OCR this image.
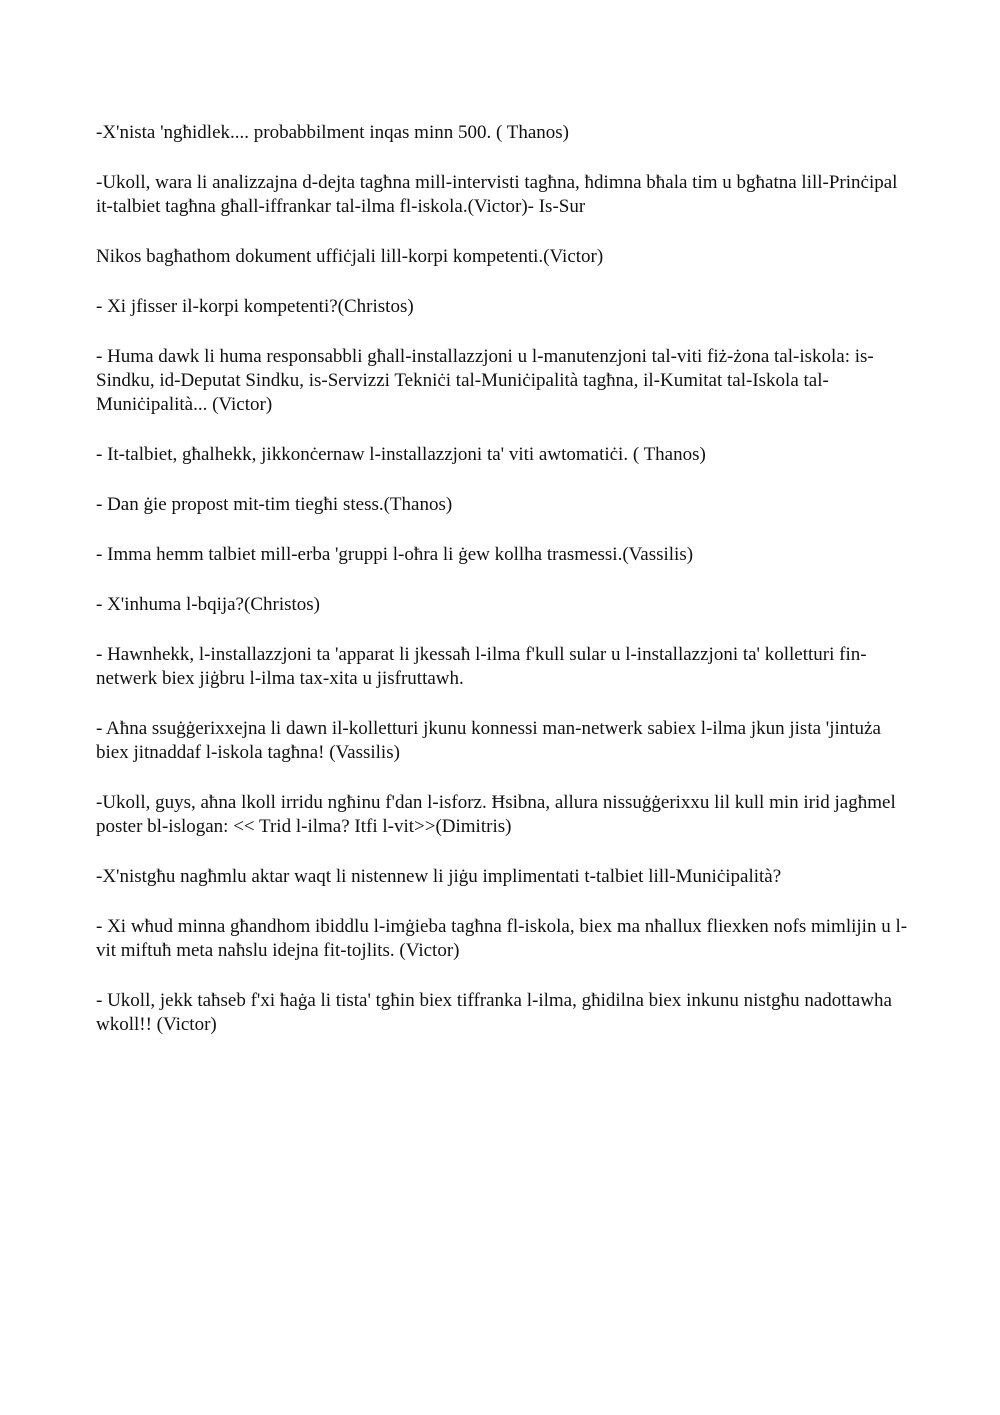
-X'nista 'ngħidlek.... probabbilment inqas minn 500. ( Thanos)

-Ukoll, wara li analizzajna d-dejta tagħna mill-intervisti tagħna, ħdimna bħala tim u bgħatna lill-Prinċipal it-talbiet tagħna għall-iffrankar tal-ilma fl-iskola.(Victor)- Is-Sur

Nikos bagħathom dokument uffiċjali lill-korpi kompetenti.(Victor)

- Xi jfisser il-korpi kompetenti?(Christos)

- Huma dawk li huma responsabbli għall-installazzjoni u l-manutenzjoni tal-viti fiż-żona tal-iskola: is-Sindku, id-Deputat Sindku, is-Servizzi Tekniċi tal-Muniċipalità tagħna, il-Kumitat tal-Iskola tal-Muniċipalità... (Victor)

- It-talbiet, għalhekk, jikkonċernaw l-installazzjoni ta' viti awtomatiċi. ( Thanos)

- Dan ġie propost mit-tim tiegħi stess.(Thanos)

- Imma hemm talbiet mill-erba 'gruppi l-oħra li ġew kollha trasmessi.(Vassilis)

- X'inhuma l-bqija?(Christos)

- Hawnhekk, l-installazzjoni ta 'apparat li jkessaħ l-ilma f'kull sular u l-installazzjoni ta' kolletturi fin-netwerk biex jiġbru l-ilma tax-xita u jisfruttawh.

- Aħna ssuġġerixxejna li dawn il-kolletturi jkunu konnessi man-netwerk sabiex l-ilma jkun jista 'jintuża biex jitnaddaf l-iskola tagħna! (Vassilis)

-Ukoll, guys, aħna lkoll irridu ngħinu f'dan l-isforz. Ħsibna, allura nissuġġerixxu lil kull min irid jagħmel poster bl-islogan: << Trid l-ilma? Itfi l-vit>>(Dimitris)

-X'nistgħu nagħmlu aktar waqt li nistennew li jiġu implimentati t-talbiet lill-Muniċipalità?

- Xi wħud minna għandhom ibiddlu l-imġieba tagħna fl-iskola, biex ma nħallux fliexken nofs mimlijin u l-vit miftuħ meta naħslu idejna fit-tojlits. (Victor)

- Ukoll, jekk taħseb f'xi ħaġa li tista' tgħin biex tiffranka l-ilma, għidilna biex inkunu nistgħu nadottawha wkoll!! (Victor)
